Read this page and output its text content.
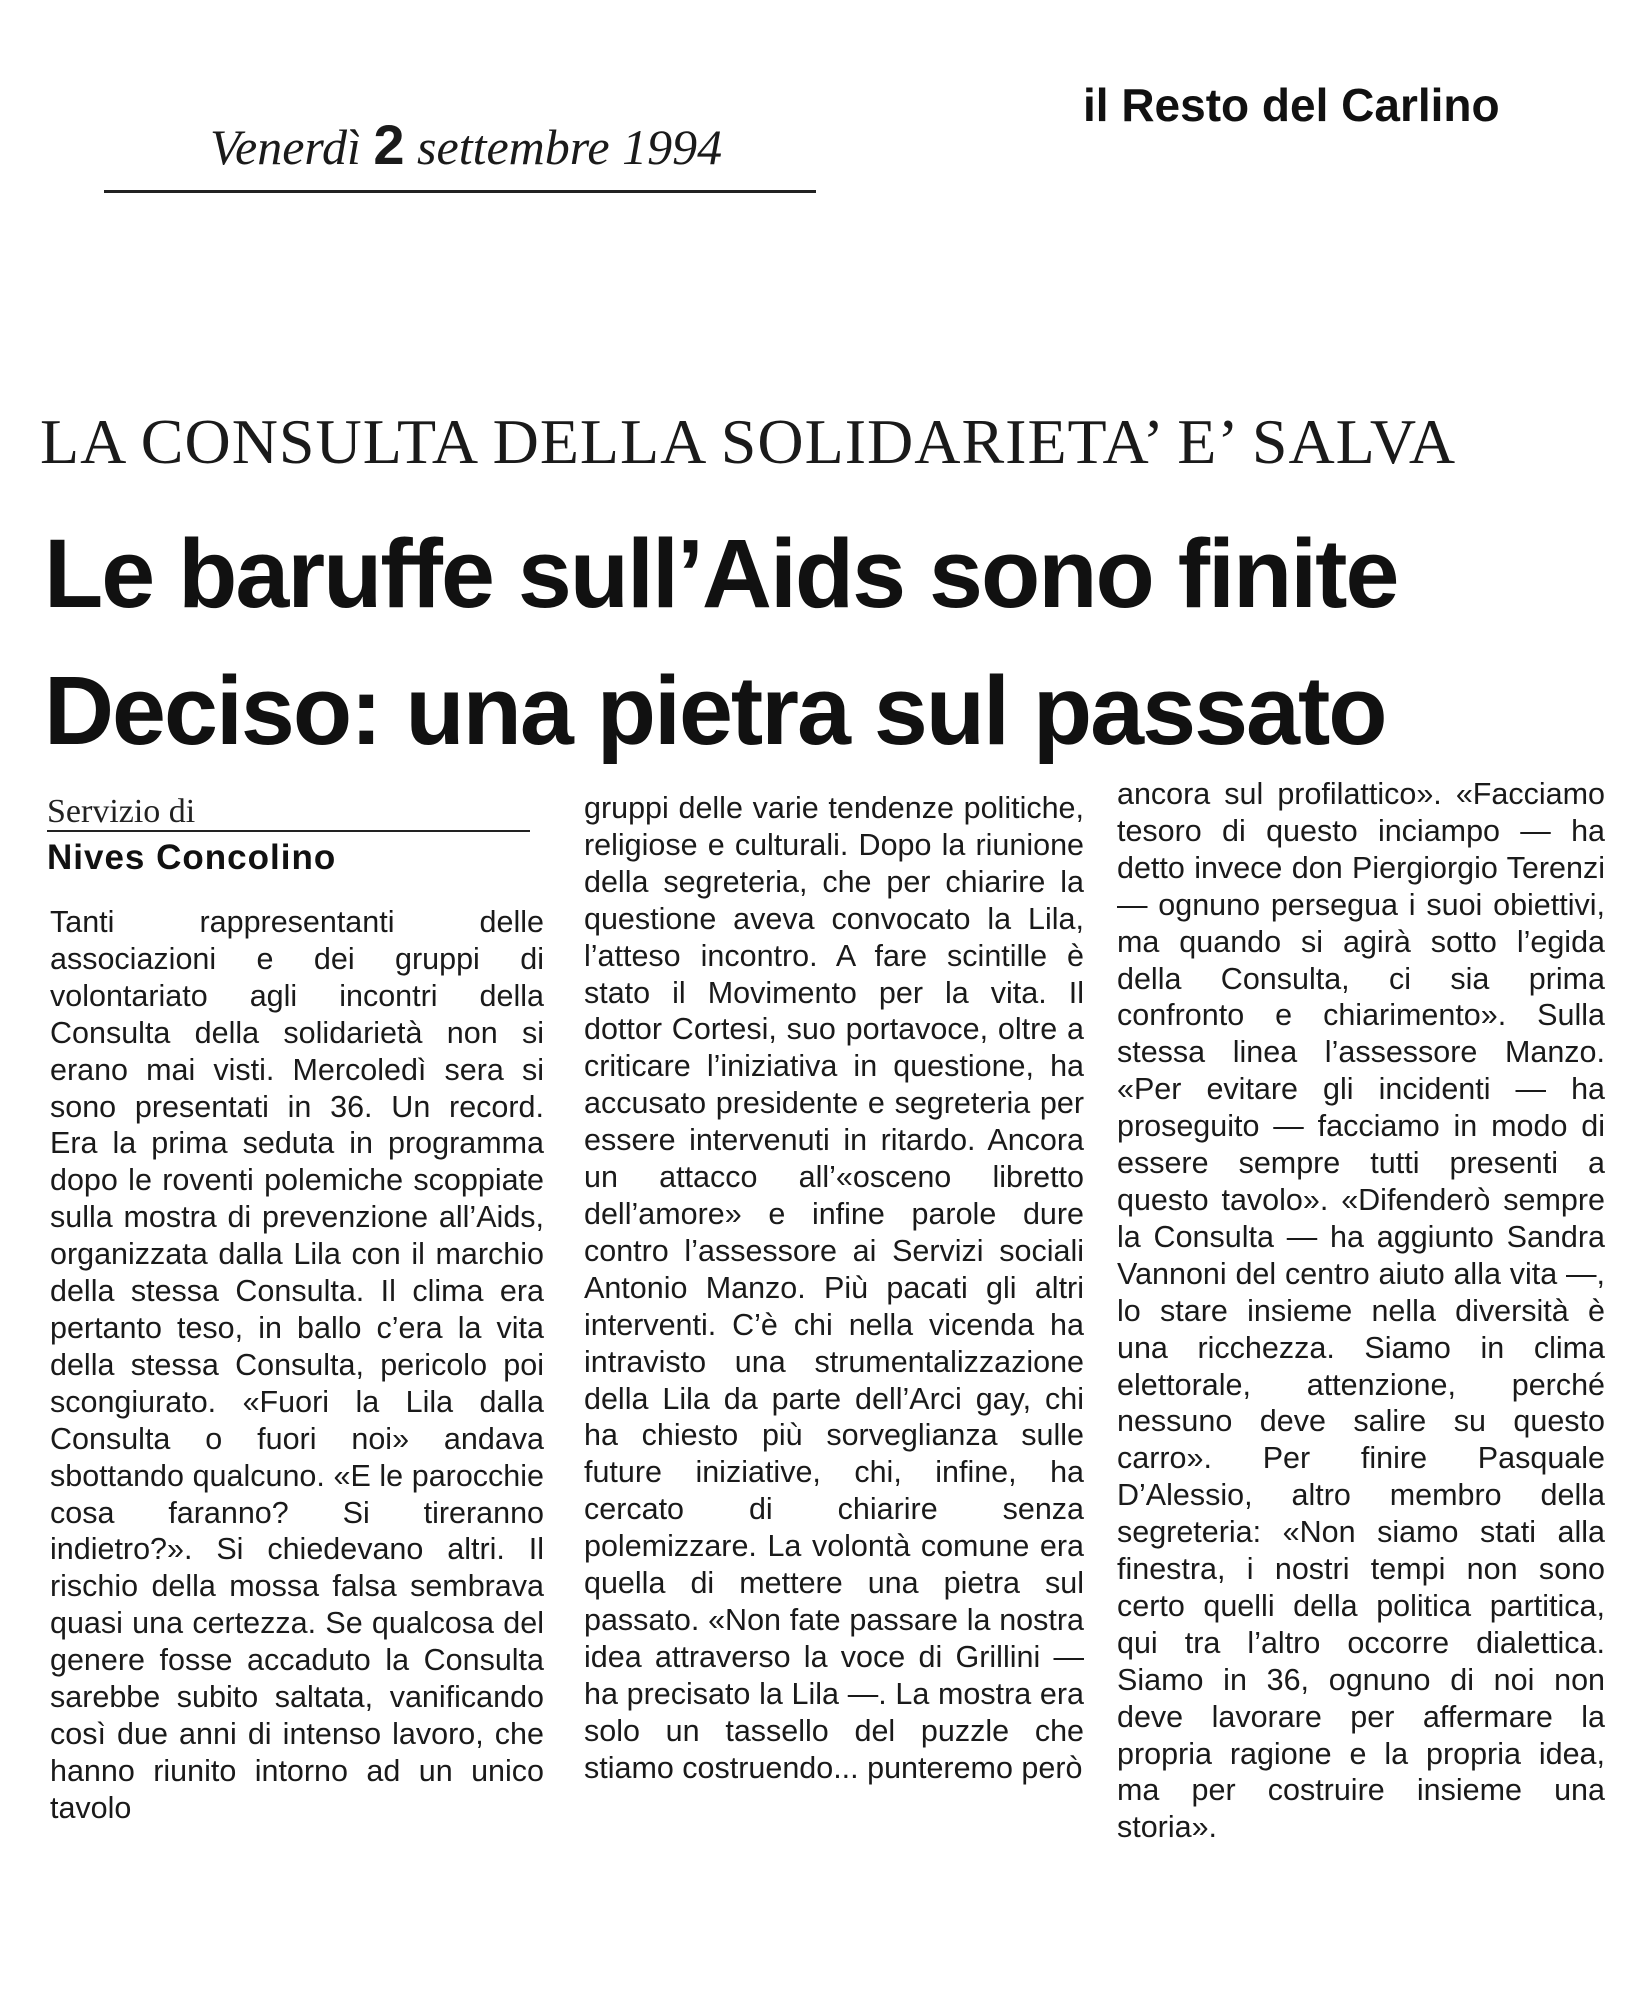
Venerdì 2 settembre 1994
il Resto del Carlino
LA CONSULTA DELLA SOLIDARIETA’ E’ SALVA
Le baruffe sull’Aids sono finite
Deciso: una pietra sul passato
Servizio di
Nives Concolino

Tanti rappresentanti delle associazioni e dei gruppi di volontariato agli incontri della Consulta della solidarietà non si erano mai visti. Mercoledì sera si sono presentati in 36. Un record. Era la prima seduta in programma dopo le roventi polemiche scoppiate sulla mostra di prevenzione all’Aids, organizzata dalla Lila con il marchio della stessa Consulta. Il clima era pertanto teso, in ballo c’era la vita della stessa Consulta, pericolo poi scongiurato. «Fuori la Lila dalla Consulta o fuori noi» andava sbottando qualcuno. «E le parocchie cosa faranno? Si tireranno indietro?». Si chiedevano altri. Il rischio della mossa falsa sembrava quasi una certezza. Se qualcosa del genere fosse accaduto la Consulta sarebbe subito saltata, vanificando così due anni di intenso lavoro, che hanno riunito intorno ad un unico tavolo

gruppi delle varie tendenze politiche, religiose e culturali. Dopo la riunione della segreteria, che per chiarire la questione aveva convocato la Lila, l’atteso incontro. A fare scintille è stato il Movimento per la vita. Il dottor Cortesi, suo portavoce, oltre a criticare l’iniziativa in questione, ha accusato presidente e segreteria per essere intervenuti in ritardo. Ancora un attacco all’«osceno libretto dell’amore» e infine parole dure contro l’assessore ai Servizi sociali Antonio Manzo. Più pacati gli altri interventi. C’è chi nella vicenda ha intravisto una strumentalizzazione della Lila da parte dell’Arci gay, chi ha chiesto più sorveglianza sulle future iniziative, chi, infine, ha cercato di chiarire senza polemizzare. La volontà comune era quella di mettere una pietra sul passato. «Non fate passare la nostra idea attraverso la voce di Grillini — ha precisato la Lila —. La mostra era solo un tassello del puzzle che stiamo costruendo... punteremo però

ancora sul profilattico». «Facciamo tesoro di questo inciampo — ha detto invece don Piergiorgio Terenzi — ognuno persegua i suoi obiettivi, ma quando si agirà sotto l’egida della Consulta, ci sia prima confronto e chiarimento». Sulla stessa linea l’assessore Manzo. «Per evitare gli incidenti — ha proseguito — facciamo in modo di essere sempre tutti presenti a questo tavolo». «Difenderò sempre la Consulta — ha aggiunto Sandra Vannoni del centro aiuto alla vita —, lo stare insieme nella diversità è una ricchezza. Siamo in clima elettorale, attenzione, perché nessuno deve salire su questo carro». Per finire Pasquale D’Alessio, altro membro della segreteria: «Non siamo stati alla finestra, i nostri tempi non sono certo quelli della politica partitica, qui tra l’altro occorre dialettica. Siamo in 36, ognuno di noi non deve lavorare per affermare la propria ragione e la propria idea, ma per costruire insieme una storia».
